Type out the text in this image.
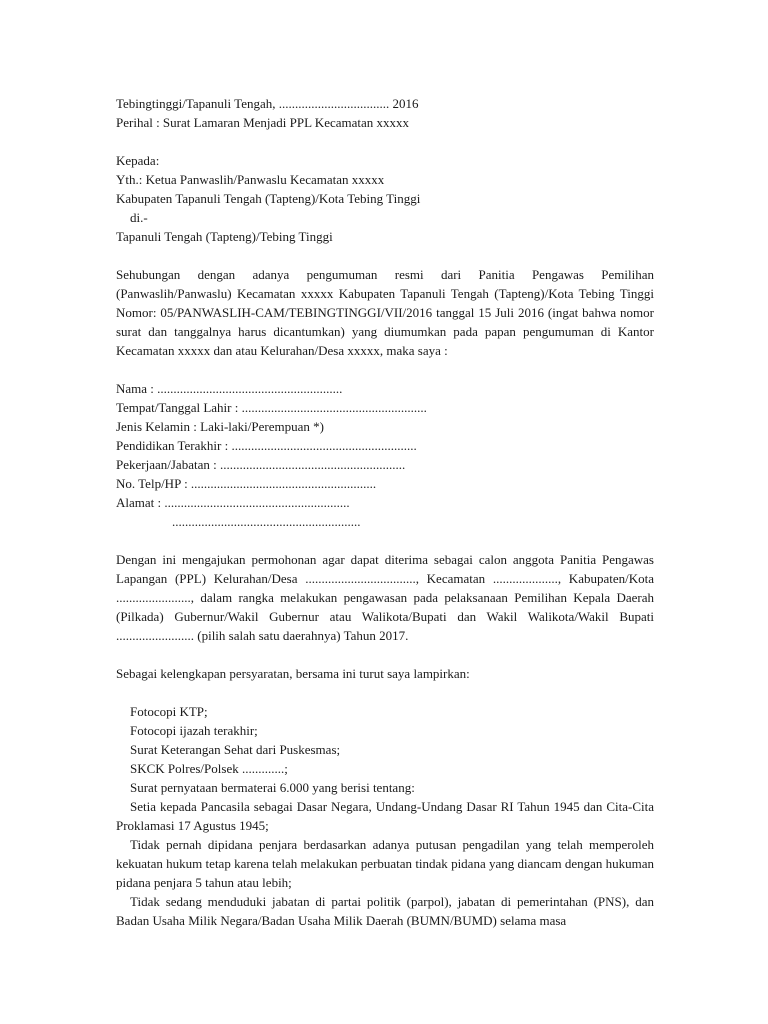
Tebingtinggi/Tapanuli Tengah, .................................. 2016
Perihal : Surat Lamaran Menjadi PPL Kecamatan xxxxx
Kepada:
Yth.: Ketua Panwaslih/Panwaslu Kecamatan xxxxx
Kabupaten Tapanuli Tengah (Tapteng)/Kota Tebing Tinggi
di.-
Tapanuli Tengah (Tapteng)/Tebing Tinggi
Sehubungan dengan adanya pengumuman resmi dari Panitia Pengawas Pemilihan (Panwaslih/Panwaslu) Kecamatan xxxxx Kabupaten Tapanuli Tengah (Tapteng)/Kota Tebing Tinggi Nomor: 05/PANWASLIH-CAM/TEBINGTINGGI/VII/2016 tanggal 15 Juli 2016 (ingat bahwa nomor surat dan tanggalnya harus dicantumkan) yang diumumkan pada papan pengumuman di Kantor Kecamatan xxxxx dan atau Kelurahan/Desa xxxxx, maka saya :
Nama : .........................................................
Tempat/Tanggal Lahir : .........................................................
Jenis Kelamin : Laki-laki/Perempuan *)
Pendidikan Terakhir : .........................................................
Pekerjaan/Jabatan : .........................................................
No. Telp/HP : .........................................................
Alamat : .........................................................
..........................................................
Dengan ini mengajukan permohonan agar dapat diterima sebagai calon anggota Panitia Pengawas Lapangan (PPL) Kelurahan/Desa .................................., Kecamatan ...................., Kabupaten/Kota ......................., dalam rangka melakukan pengawasan pada pelaksanaan Pemilihan Kepala Daerah (Pilkada) Gubernur/Wakil Gubernur atau Walikota/Bupati dan Wakil Walikota/Wakil Bupati ........................ (pilih salah satu daerahnya) Tahun 2017.
Sebagai kelengkapan persyaratan, bersama ini turut saya lampirkan:
Fotocopi KTP;
Fotocopi ijazah terakhir;
Surat Keterangan Sehat dari Puskesmas;
SKCK Polres/Polsek .............;
Surat pernyataan bermaterai 6.000 yang berisi tentang:
Setia kepada Pancasila sebagai Dasar Negara, Undang-Undang Dasar RI Tahun 1945 dan Cita-Cita Proklamasi 17 Agustus 1945;
Tidak pernah dipidana penjara berdasarkan adanya putusan pengadilan yang telah memperoleh kekuatan hukum tetap karena telah melakukan perbuatan tindak pidana yang diancam dengan hukuman pidana penjara 5 tahun atau lebih;
Tidak sedang menduduki jabatan di partai politik (parpol), jabatan di pemerintahan (PNS), dan Badan Usaha Milik Negara/Badan Usaha Milik Daerah (BUMN/BUMD) selama masa
